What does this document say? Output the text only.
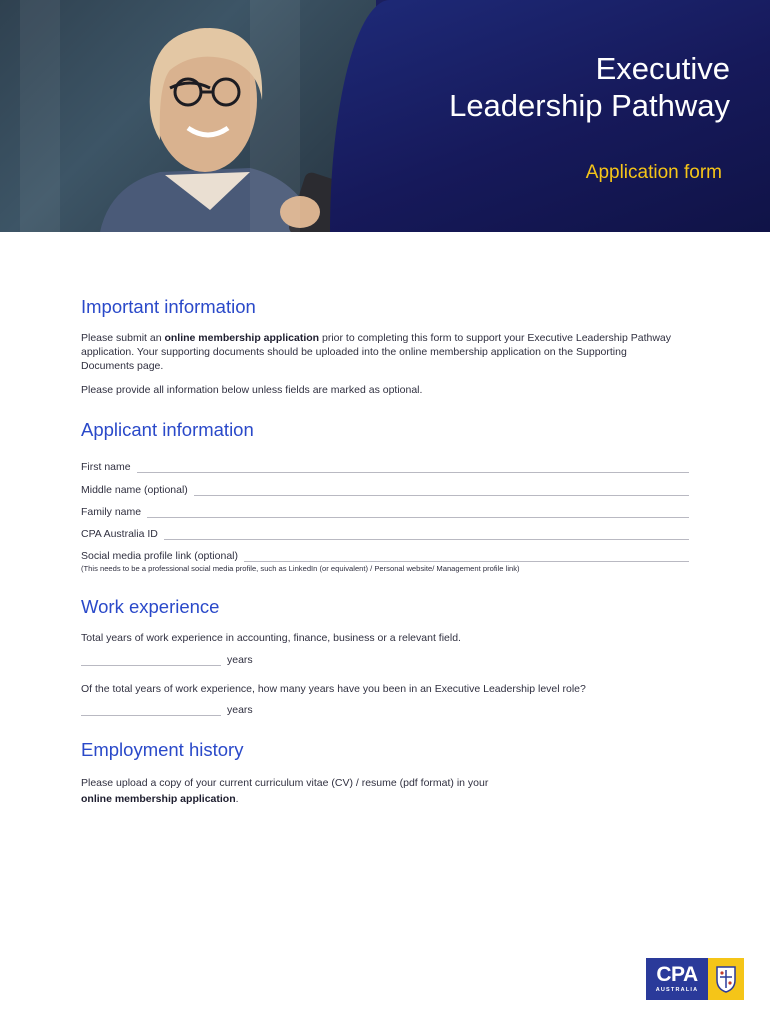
Executive
Leadership Pathway
Application form
Important information
Please submit an online membership application prior to completing this form to support your Executive Leadership Pathway application. Your supporting documents should be uploaded into the online membership application on the Supporting Documents page.
Please provide all information below unless fields are marked as optional.
Applicant information
First name
Middle name (optional)
Family name
CPA Australia ID
Social media profile link (optional)
(This needs to be a professional social media profile, such as LinkedIn (or equivalent) / Personal website/ Management profile link)
Work experience
Total years of work experience in accounting, finance, business or a relevant field.
years
Of the total years of work experience, how many years have you been in an Executive Leadership level role?
years
Employment history
Please upload a copy of your current curriculum vitae (CV) / resume (pdf format) in your
online membership application.
CPA
AUSTRALIA
